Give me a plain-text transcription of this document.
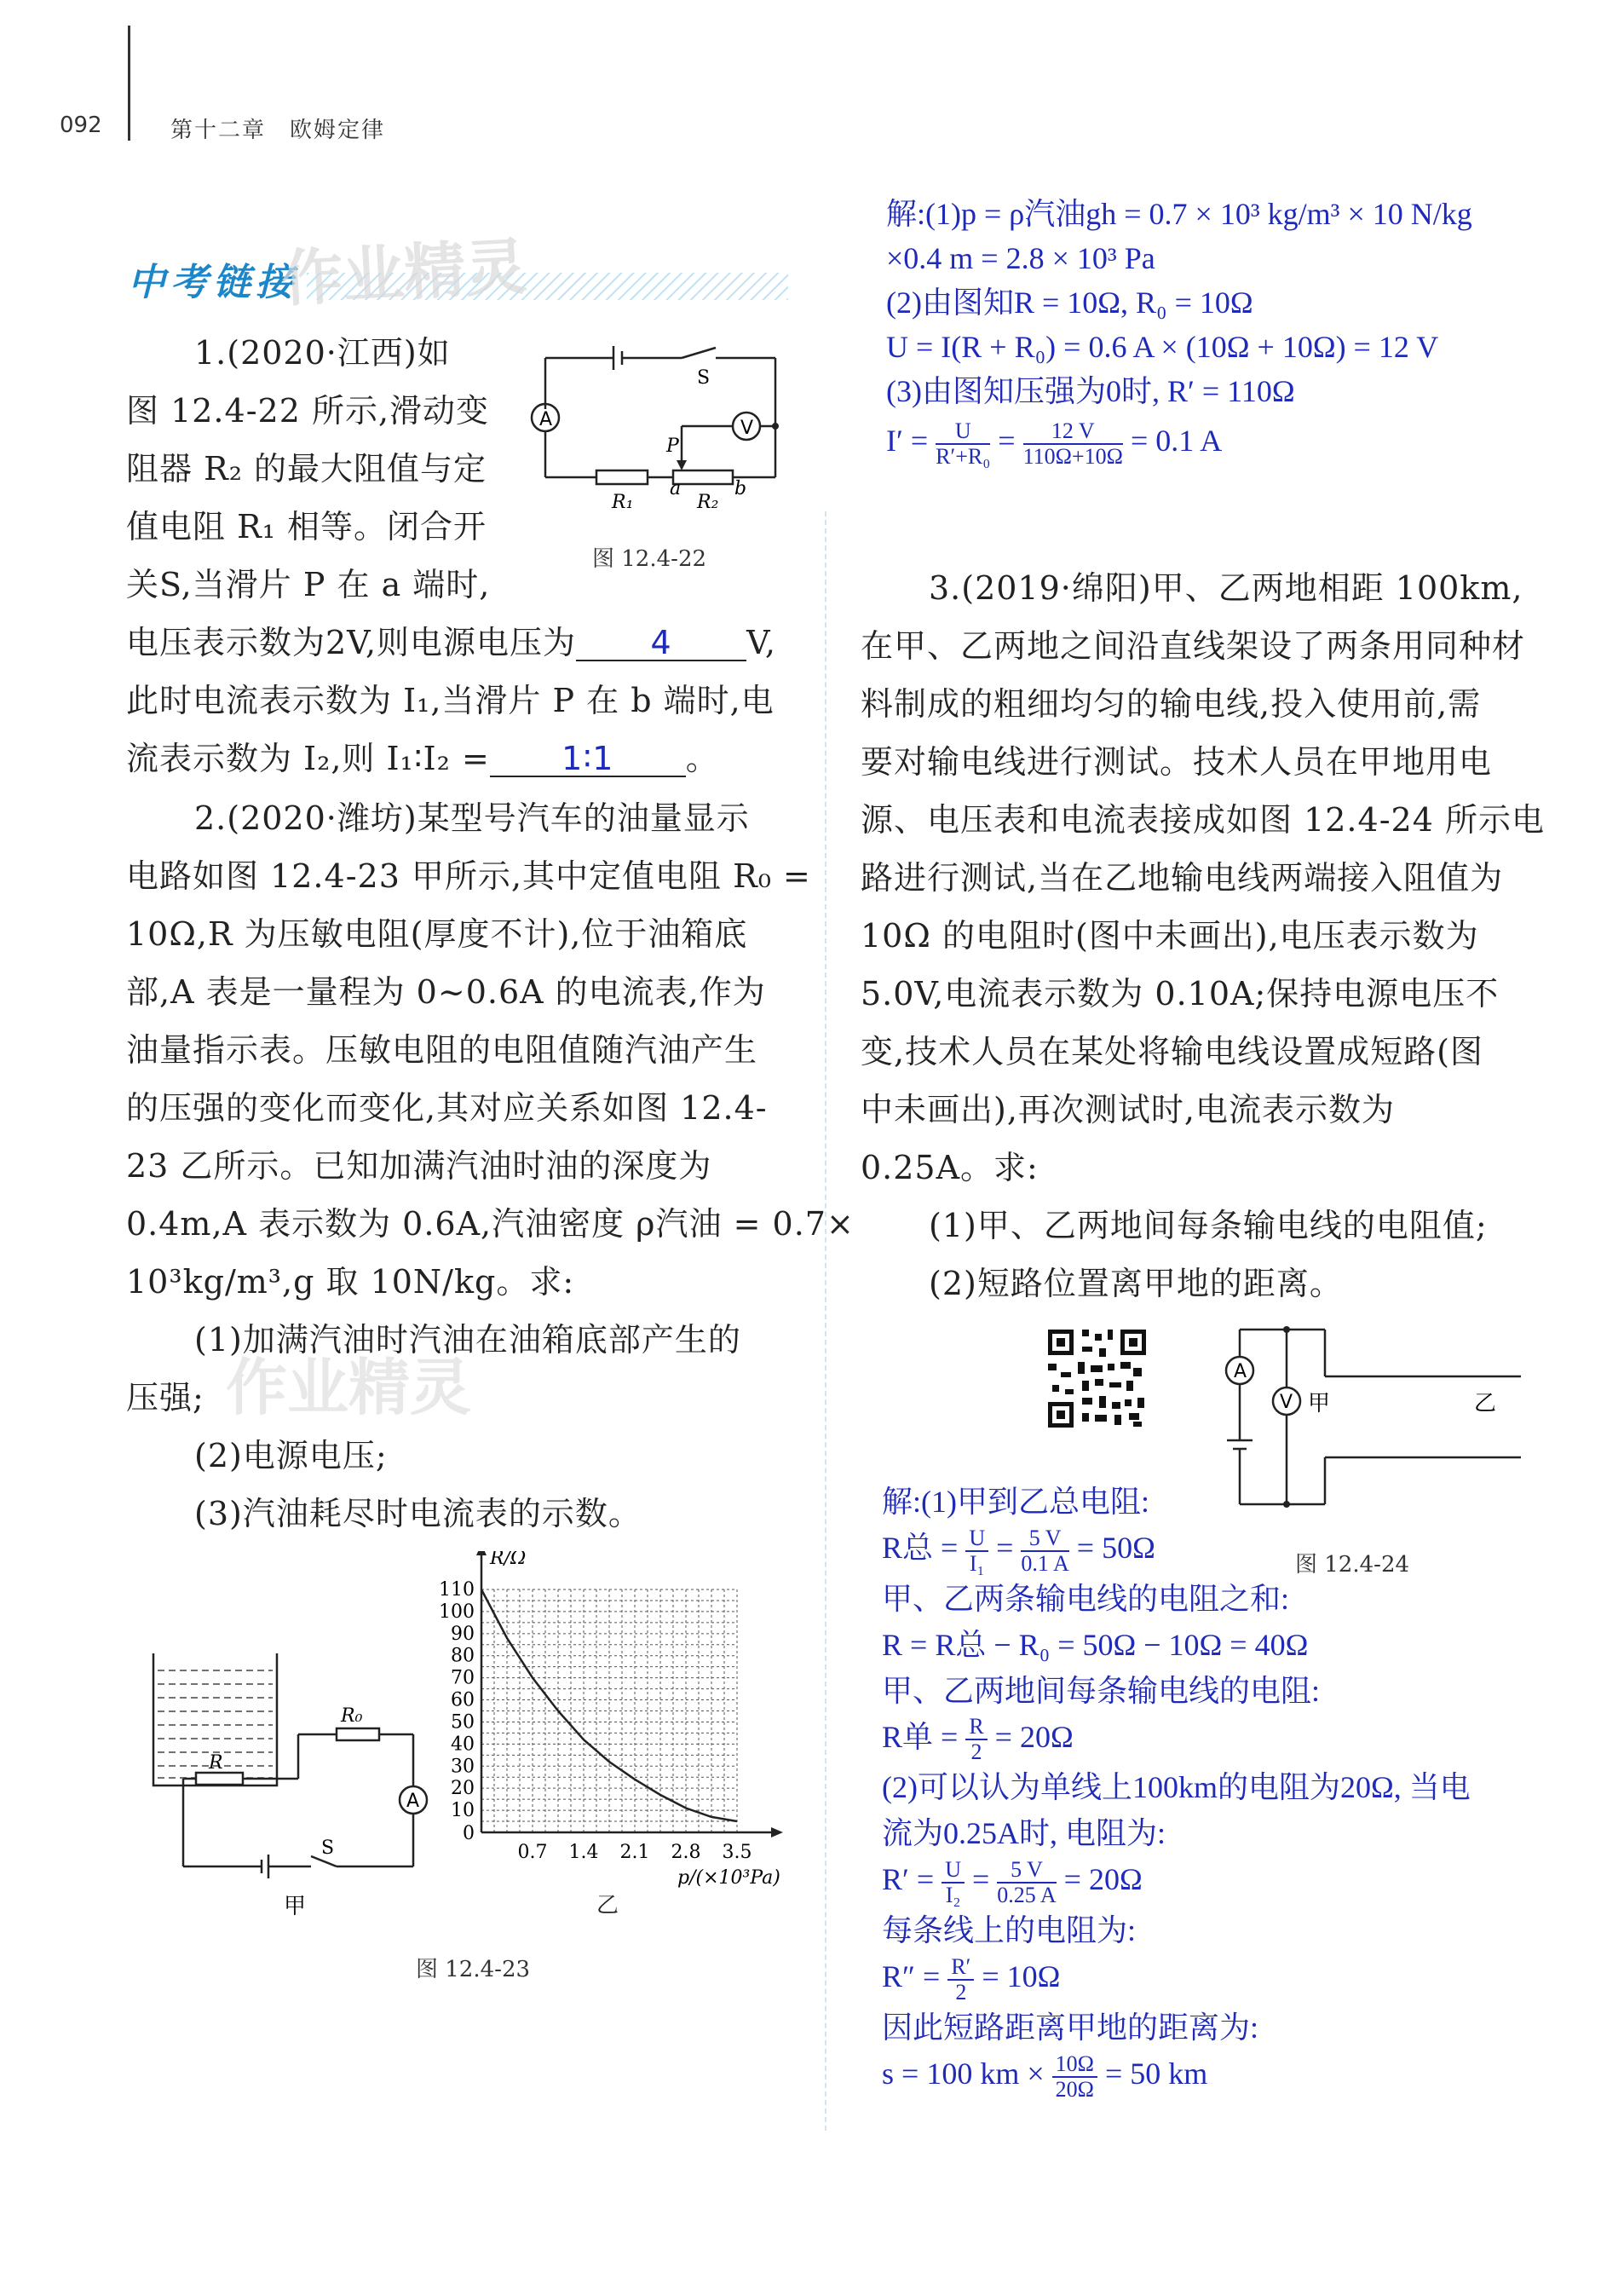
092	第十二章　欧姆定律
中考链接
作业精灵
作业精灵
1.(2020·江西)如
图 12.4-22 所示,滑动变
阻器 R₂ 的最大阻值与定
值电阻 R₁ 相等。闭合开
关S,当滑片 P 在 a 端时,
电压表示数为2V,则电源电压为 4 V,
此时电流表示数为 I₁,当滑片 P 在 b 端时,电
流表示数为 I₂,则 I₁∶I₂ = 1∶1 。
A	V
S
P
R₁	R₂
a	b
图 12.4-22
2.(2020·潍坊)某型号汽车的油量显示
电路如图 12.4-23 甲所示,其中定值电阻 R₀ =
10Ω,R 为压敏电阻(厚度不计),位于油箱底
部,A 表是一量程为 0~0.6A 的电流表,作为
油量指示表。压敏电阻的电阻值随汽油产生
的压强的变化而变化,其对应关系如图 12.4-
23 乙所示。已知加满汽油时油的深度为
0.4m,A 表示数为 0.6A,汽油密度 ρ汽油 = 0.7×
10³kg/m³,g 取 10N/kg。求:
(1)加满汽油时汽油在油箱底部产生的
压强;
(2)电源电压;
(3)汽油耗尽时电流表的示数。
R
R₀
A
S
甲
10
20
30
40
50
60
70
80
90
100
110
0.7 1.4 2.1 2.8 3.5
R/Ω
p/(×10³Pa)
0
乙
图 12.4-23
解:(1)p = ρ汽油gh = 0.7 × 10³ kg/m³ × 10 N/kg
×0.4 m = 2.8 × 10³ Pa
(2)由图知R = 10Ω, R₀ = 10Ω
U = I(R + R₀) = 0.6 A × (10Ω + 10Ω) = 12 V
(3)由图知压强为0时, R′ = 110Ω
$I' = \frac{U}{\text{R′+R₀}} = \frac{12 V}{110\Omega+10\Omega} = 0.1$ A
3.(2019·绵阳)甲、乙两地相距 100km,
在甲、乙两地之间沿直线架设了两条用同种材
料制成的粗细均匀的输电线,投入使用前,需
要对输电线进行测试。技术人员在甲地用电
源、电压表和电流表接成如图 12.4-24 所示电
路进行测试,当在乙地输电线两端接入阻值为
10Ω 的电阻时(图中未画出),电压表示数为
5.0V,电流表示数为 0.10A;保持电源电压不
变,技术人员在某处将输电线设置成短路(图
中未画出),再次测试时,电流表示数为
0.25A。求:
(1)甲、乙两地间每条输电线的电阻值;
(2)短路位置离甲地的距离。
A
V 甲	乙
图 12.4-24
解:(1)甲到乙总电阻:
R总 = $\frac{U}{\text{I₁}} = \frac{5 V}{0.1 A} = 50\Omega$
甲、乙两条输电线的电阻之和:
R = R总 − R₀ = 50Ω − 10Ω = 40Ω
甲、乙两地间每条输电线的电阻:
R单 = $\frac{R}{2} = 20\Omega$
(2)可以认为单线上100km的电阻为20Ω, 当电
流为0.25A时, 电阻为:
$R' = \frac{U}{\text{I₂}} = \frac{5 V}{0.25 A} = 20\Omega$
每条线上的电阻为:
$R'' = \frac{R'}{2} = 10\Omega$
因此短路距离甲地的距离为:
s = 100 km × $\frac{10\Omega}{20\Omega} = 50$ km
